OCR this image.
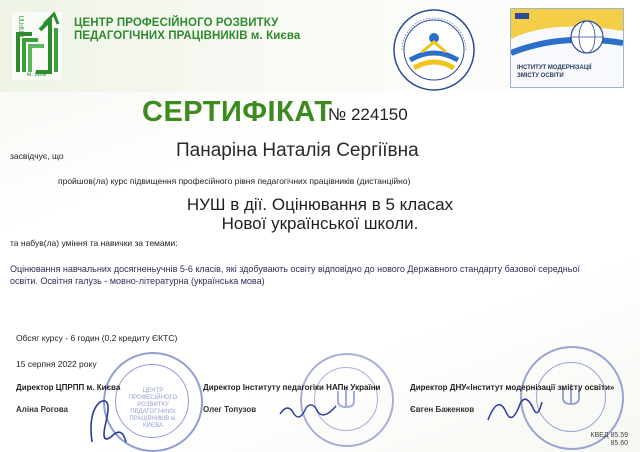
ЦПРПП
м. Київ
ЦЕНТР ПРОФЕСІЙНОГО РОЗВИТКУ
ПЕДАГОГІЧНИХ ПРАЦІВНИКІВ м. Києва
ІНСТИТУТ МОДЕРНІЗАЦІЇ
ЗМІСТУ ОСВІТИ
СЕРТИФІКАТ
№ 224150
засвідчує, що	Панаріна Наталія Сергіївна
пройшов(ла) курс підвищення професійного рівня педагогічних працівників (дистанційно)
НУШ в дії. Оцінювання в 5 класах
Нової української школи.
та набув(ла) уміння та навички за темами:
Оцінювання навчальних досягненьучнів 5-6 класів, які здобувають освіту відповідно до нового Державного стандарту базової середньої освіти. Освітня галузь - мовно-літературна (українська мова)
Обсяг курсу - 6 годин (0,2 кредиту ЄКТС)
15 серпня 2022 року
ЦЕНТР ПРОФЕСІЙНОГО РОЗВИТКУ ПЕДАГОГІЧНИХ ПРАЦІВНИКІВ м. КИЄВА
Директор ЦПРПП м. Києва
Аліна Рогова
Директор Інституту педагогіки НАПн України
Олег Топузов
Директор ДНУ«Інститут модернізації змісту освіти»
Євген Баженков
КВЕД 85.59
85.60
